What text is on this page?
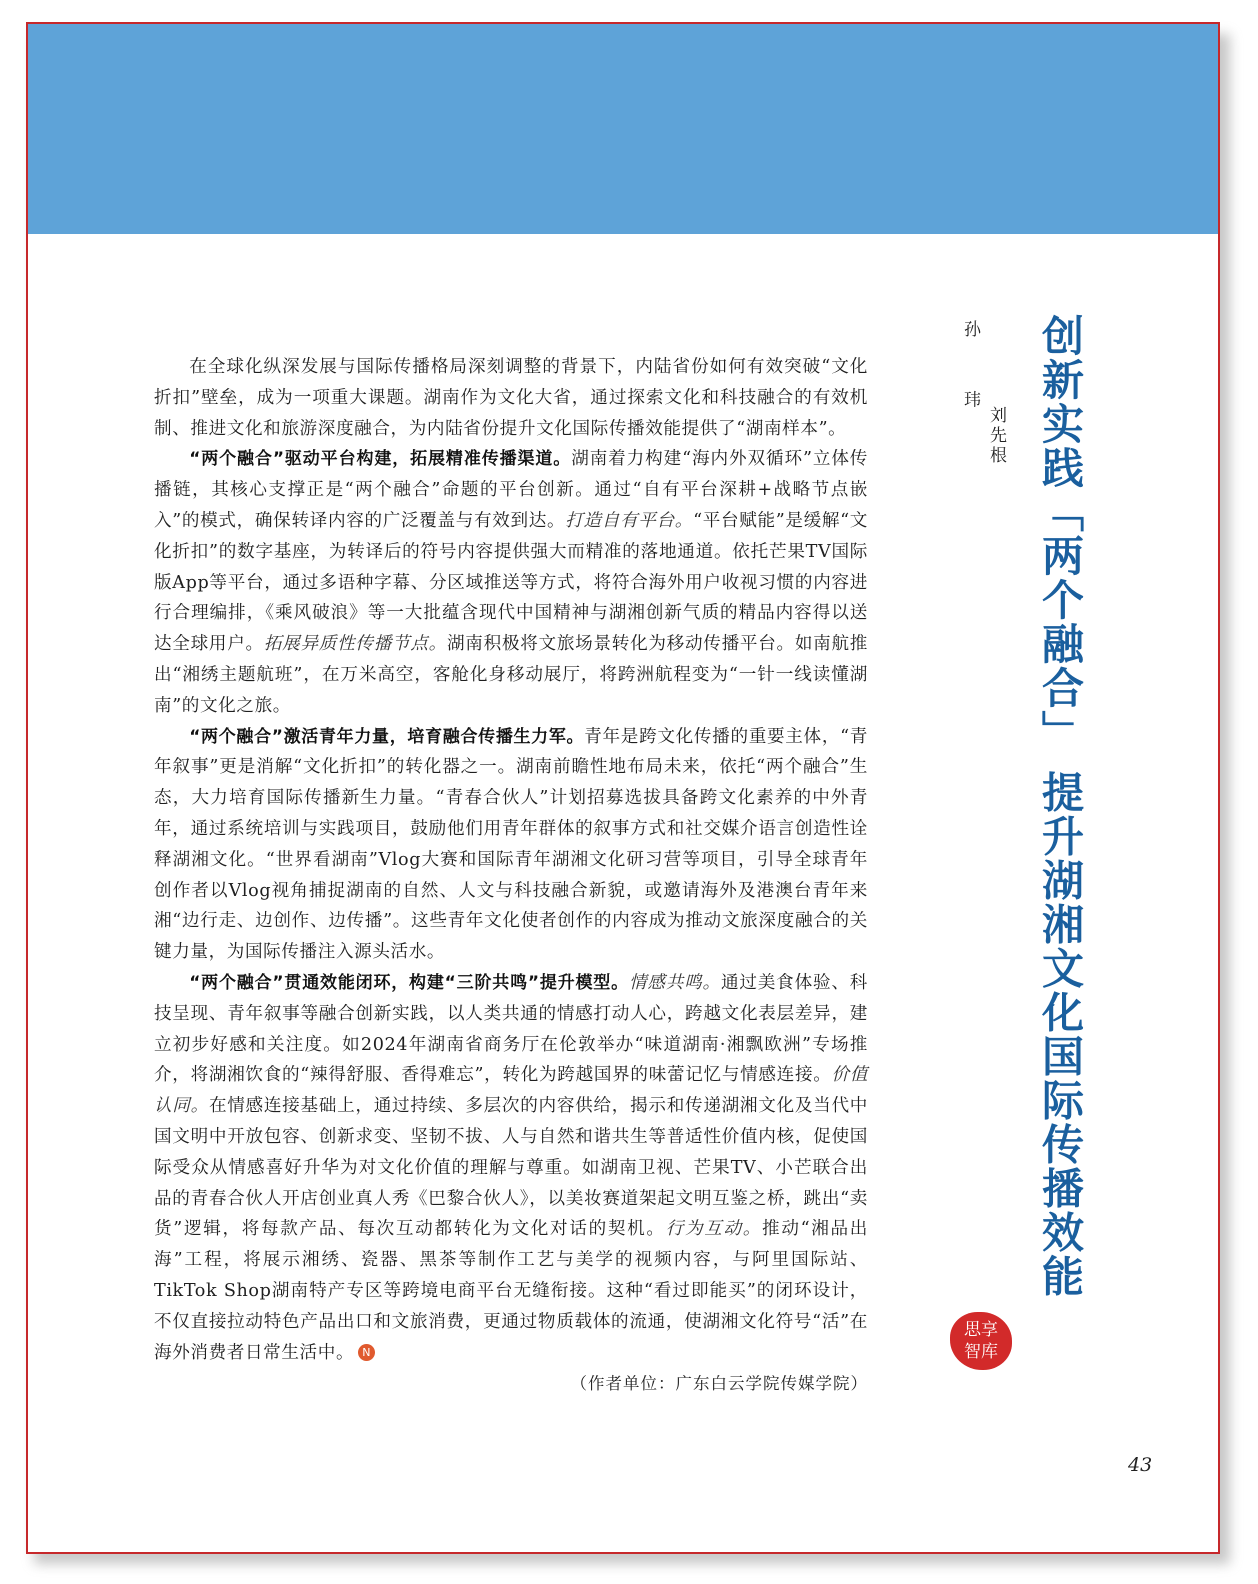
在全球化纵深发展与国际传播格局深刻调整的背景下，内陆省份如何有效突破“文化折扣”壁垒，成为一项重大课题。湖南作为文化大省，通过探索文化和科技融合的有效机制、推进文化和旅游深度融合，为内陆省份提升文化国际传播效能提供了“湖南样本”。

“两个融合”驱动平台构建，拓展精准传播渠道。湖南着力构建“海内外双循环”立体传播链，其核心支撑正是“两个融合”命题的平台创新。通过“自有平台深耕+战略节点嵌入”的模式，确保转译内容的广泛覆盖与有效到达。打造自有平台。“平台赋能”是缓解“文化折扣”的数字基座，为转译后的符号内容提供强大而精准的落地通道。依托芒果TV国际版App等平台，通过多语种字幕、分区域推送等方式，将符合海外用户收视习惯的内容进行合理编排，《乘风破浪》等一大批蕴含现代中国精神与湖湘创新气质的精品内容得以送达全球用户。拓展异质性传播节点。湖南积极将文旅场景转化为移动传播平台。如南航推出“湘绣主题航班”，在万米高空，客舱化身移动展厅，将跨洲航程变为“一针一线读懂湖南”的文化之旅。

“两个融合”激活青年力量，培育融合传播生力军。青年是跨文化传播的重要主体，“青年叙事”更是消解“文化折扣”的转化器之一。湖南前瞻性地布局未来，依托“两个融合”生态，大力培育国际传播新生力量。“青春合伙人”计划招募选拔具备跨文化素养的中外青年，通过系统培训与实践项目，鼓励他们用青年群体的叙事方式和社交媒介语言创造性诠释湖湘文化。“世界看湖南”Vlog大赛和国际青年湖湘文化研习营等项目，引导全球青年创作者以Vlog视角捕捉湖南的自然、人文与科技融合新貌，或邀请海外及港澳台青年来湘“边行走、边创作、边传播”。这些青年文化使者创作的内容成为推动文旅深度融合的关键力量，为国际传播注入源头活水。

“两个融合”贯通效能闭环，构建“三阶共鸣”提升模型。情感共鸣。通过美食体验、科技呈现、青年叙事等融合创新实践，以人类共通的情感打动人心，跨越文化表层差异，建立初步好感和关注度。如2024年湖南省商务厅在伦敦举办“味道湖南·湘飘欧洲”专场推介，将湖湘饮食的“辣得舒服、香得难忘”，转化为跨越国界的味蕾记忆与情感连接。价值认同。在情感连接基础上，通过持续、多层次的内容供给，揭示和传递湖湘文化及当代中国文明中开放包容、创新求变、坚韧不拔、人与自然和谐共生等普适性价值内核，促使国际受众从情感喜好升华为对文化价值的理解与尊重。如湖南卫视、芒果TV、小芒联合出品的青春合伙人开店创业真人秀《巴黎合伙人》，以美妆赛道架起文明互鉴之桥，跳出“卖货”逻辑，将每款产品、每次互动都转化为文化对话的契机。行为互动。推动“湘品出海”工程，将展示湘绣、瓷器、黑茶等制作工艺与美学的视频内容，与阿里国际站、TikTok Shop湖南特产专区等跨境电商平台无缝衔接。这种“看过即能买”的闭环设计，不仅直接拉动特色产品出口和文旅消费，更通过物质载体的流通，使湖湘文化符号“活”在海外消费者日常生活中。 N

（作者单位：广东白云学院传媒学院）
孙 玮
刘先根 创新实践「两个融合」 提升湖湘文化国际传播效能
思享智库
43
